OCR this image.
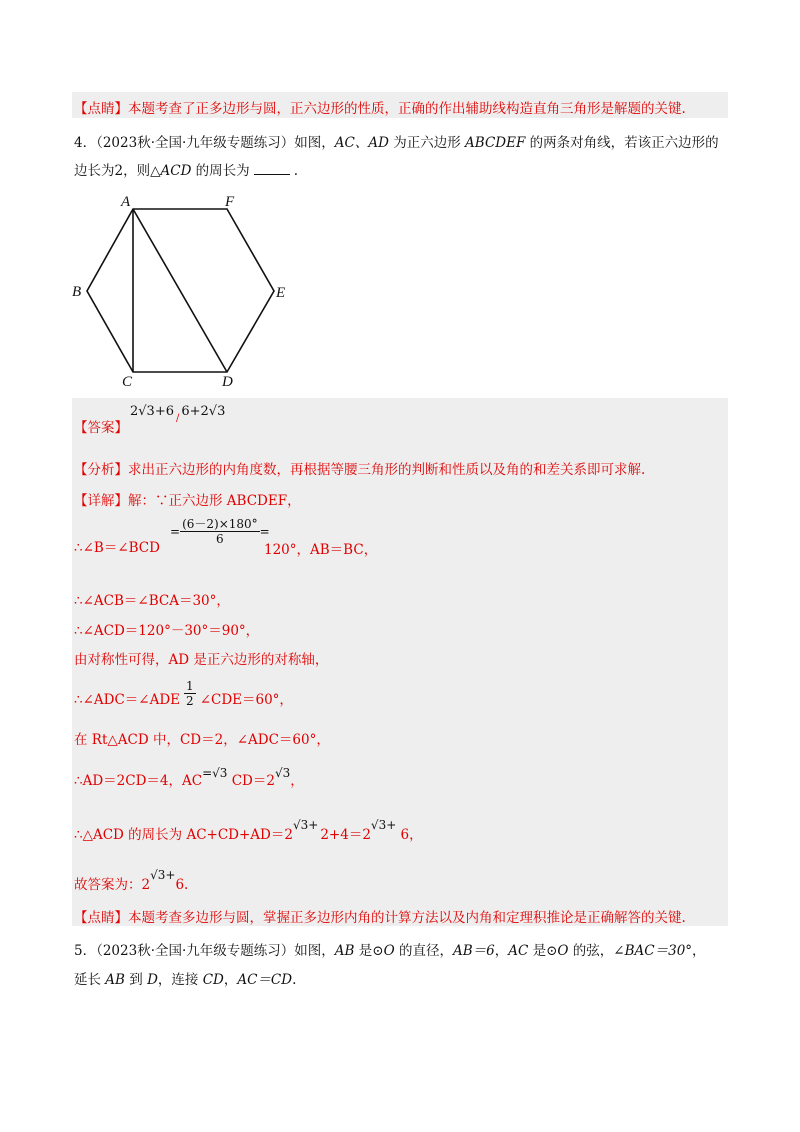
【点睛】本题考查了正多边形与圆，正六边形的性质，正确的作出辅助线构造直角三角形是解题的关键.
4．（2023秋·全国·九年级专题练习）如图，AC、AD 为正六边形 ABCDEF 的两条对角线，若该正六边形的
边长为2，则△ACD 的周长为	.
A	F
B	E
C	D
【答案】
2√3+6 $_/$ 6+2√3
【分析】求出正六边形的内角度数，再根据等腰三角形的判断和性质以及角的和差关系即可求解.
【详解】解：∵正六边形 ABCDEF，
∴∠B＝∠BCD
= $\frac{(6-2)\times 180^\circ}{6}$ =
120°，AB＝BC，
∴∠ACB＝∠BCA＝30°，
∴∠ACD＝120°－30°＝90°，
由对称性可得，AD 是正六边形的对称轴，
∴∠ADC＝∠ADE $\frac{1}{2}$ ∠CDE＝60°，
在 Rt△ACD 中，CD＝2，∠ADC＝60°，
∴AD＝2CD＝4，AC=√3 CD＝2√3，
∴△ACD 的周长为 AC+CD+AD＝2√3+2+4＝2√3+ 6，
故答案为：2√3+6.
【点睛】本题考查多边形与圆，掌握正多边形内角的计算方法以及内角和定理积推论是正确解答的关键.
5．（2023秋·全国·九年级专题练习）如图，AB 是⊙O 的直径，AB＝6，AC 是⊙O 的弦，∠BAC＝30°，
延长 AB 到 D，连接 CD，AC＝CD.
